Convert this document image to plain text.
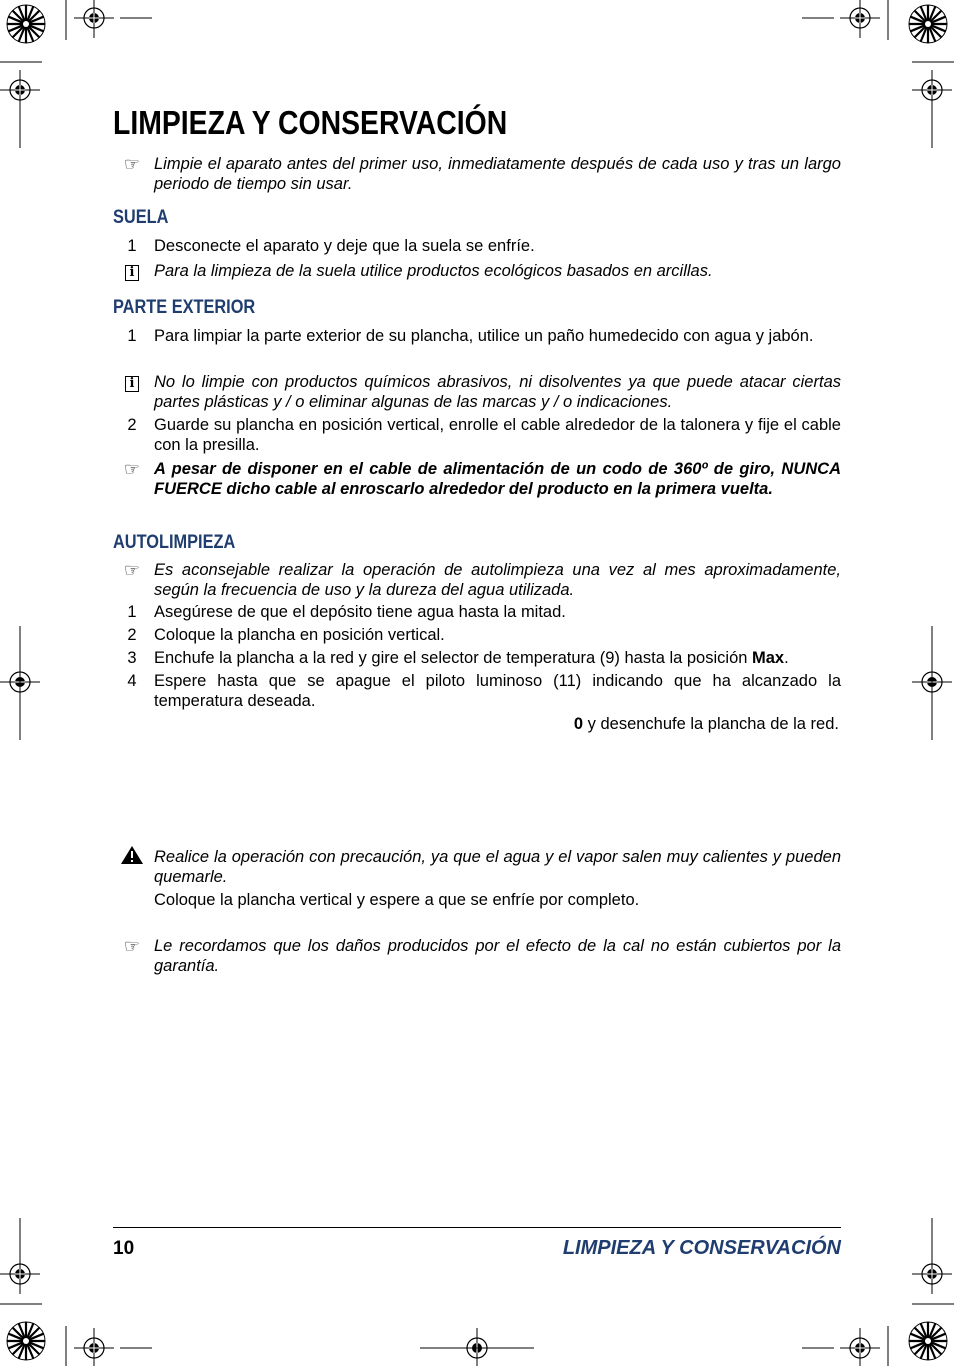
LIMPIEZA Y CONSERVACIÓN
☞ Limpie el aparato antes del primer uso, inmediatamente después de cada uso y tras un largo periodo de tiempo sin usar.
SUELA
1	Desconecte el aparato y deje que la suela se enfríe.
i	Para la limpieza de la suela utilice productos ecológicos basados en arcillas.
PARTE EXTERIOR
1	Para limpiar la parte exterior de su plancha, utilice un paño humedecido con agua y jabón.
i	No lo limpie con productos químicos abrasivos, ni disolventes ya que puede atacar ciertas partes plásticas y / o eliminar algunas de las marcas y / o indicaciones.
2	Guarde su plancha en posición vertical, enrolle el cable alrededor de la talonera y fije el cable con la presilla.
☞ A pesar de disponer en el cable de alimentación de un codo de 360º de giro, NUNCA FUERCE dicho cable al enroscarlo alrededor del producto en la primera vuelta.
AUTOLIMPIEZA
☞ Es aconsejable realizar la operación de autolimpieza una vez al mes aproximadamente, según la frecuencia de uso y la dureza del agua utilizada.
1	Asegúrese de que el depósito tiene agua hasta la mitad.
2	Coloque la plancha en posición vertical.
3	Enchufe la plancha a la red y gire el selector de temperatura (9) hasta la posición Max.
4	Espere hasta que se apague el piloto luminoso (11) indicando que ha alcanzado la temperatura deseada.
0 y desenchufe la plancha de la red.
Realice la operación con precaución, ya que el agua y el vapor salen muy calientes y pueden quemarle.
Coloque la plancha vertical y espere a que se enfríe por completo.
☞ Le recordamos que los daños producidos por el efecto de la cal no están cubiertos por la garantía.
10	LIMPIEZA Y CONSERVACIÓN
